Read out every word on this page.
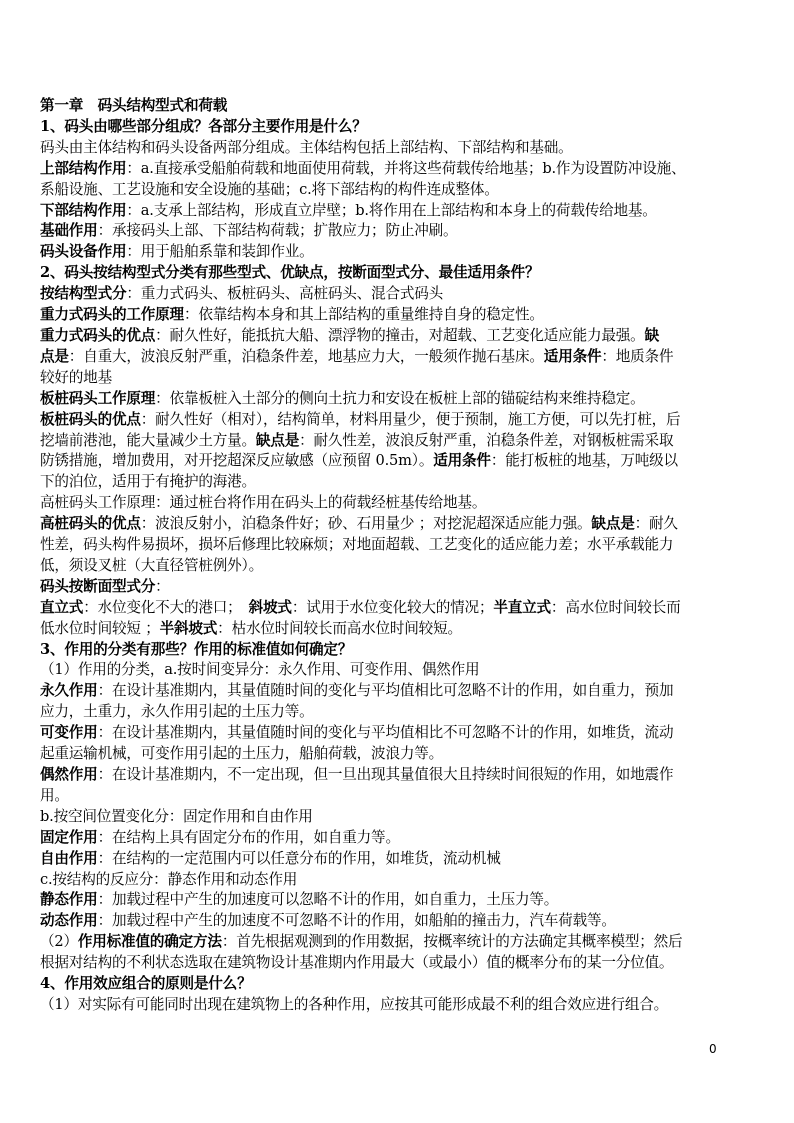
第一章　码头结构型式和荷载

1、码头由哪些部分组成？各部分主要作用是什么？

码头由主体结构和码头设备两部分组成。主体结构包括上部结构、下部结构和基础。

上部结构作用：a.直接承受船舶荷载和地面使用荷载，并将这些荷载传给地基；b.作为设置防冲设施、

系船设施、工艺设施和安全设施的基础；c.将下部结构的构件连成整体。

下部结构作用：a.支承上部结构，形成直立岸壁；b.将作用在上部结构和本身上的荷载传给地基。

基础作用：承接码头上部、下部结构荷载；扩散应力；防止冲刷。

码头设备作用：用于船舶系靠和装卸作业。

2、码头按结构型式分类有那些型式、优缺点，按断面型式分、最佳适用条件？

按结构型式分：重力式码头、板桩码头、高桩码头、混合式码头

重力式码头的工作原理：依靠结构本身和其上部结构的重量维持自身的稳定性。

重力式码头的优点：耐久性好，能抵抗大船、漂浮物的撞击，对超载、工艺变化适应能力最强。缺

点是：自重大，波浪反射严重，泊稳条件差，地基应力大，一般须作抛石基床。适用条件：地质条件

较好的地基

板桩码头工作原理：依靠板桩入土部分的侧向土抗力和安设在板桩上部的锚碇结构来维持稳定。

板桩码头的优点：耐久性好（相对），结构简单，材料用量少，便于预制，施工方便，可以先打桩，后

挖墙前港池，能大量减少土方量。缺点是：耐久性差，波浪反射严重，泊稳条件差，对钢板桩需采取

防锈措施，增加费用，对开挖超深反应敏感（应预留 0.5m）。适用条件：能打板桩的地基，万吨级以

下的泊位，适用于有掩护的海港。

高桩码头工作原理：通过桩台将作用在码头上的荷载经桩基传给地基。

高桩码头的优点：波浪反射小，泊稳条件好；砂、石用量少 ；对挖泥超深适应能力强。缺点是：耐久

性差，码头构件易损坏，损坏后修理比较麻烦；对地面超载、工艺变化的适应能力差；水平承载能力

低，须设叉桩（大直径管桩例外）。

码头按断面型式分：

直立式：水位变化不大的港口；　 斜坡式：试用于水位变化较大的情况；半直立式：高水位时间较长而

低水位时间较短 ；半斜坡式：枯水位时间较长而高水位时间较短。

3、作用的分类有那些？作用的标准值如何确定？

（1）作用的分类，a.按时间变异分：永久作用、可变作用、偶然作用

永久作用：在设计基准期内，其量值随时间的变化与平均值相比可忽略不计的作用，如自重力，预加

应力，土重力，永久作用引起的土压力等。

可变作用：在设计基准期内，其量值随时间的变化与平均值相比不可忽略不计的作用，如堆货，流动

起重运输机械，可变作用引起的土压力，船舶荷载，波浪力等。

偶然作用：在设计基准期内，不一定出现，但一旦出现其量值很大且持续时间很短的作用，如地震作

用。

b.按空间位置变化分：固定作用和自由作用

固定作用：在结构上具有固定分布的作用，如自重力等。

自由作用：在结构的一定范围内可以任意分布的作用，如堆货，流动机械

c.按结构的反应分：静态作用和动态作用

静态作用：加载过程中产生的加速度可以忽略不计的作用，如自重力，土压力等。

动态作用：加载过程中产生的加速度不可忽略不计的作用，如船舶的撞击力，汽车荷载等。

（2）作用标准值的确定方法：首先根据观测到的作用数据，按概率统计的方法确定其概率模型；然后

根据对结构的不利状态选取在建筑物设计基准期内作用最大（或最小）值的概率分布的某一分位值。

4、作用效应组合的原则是什么？

（1）对实际有可能同时出现在建筑物上的各种作用，应按其可能形成最不利的组合效应进行组合。

0
